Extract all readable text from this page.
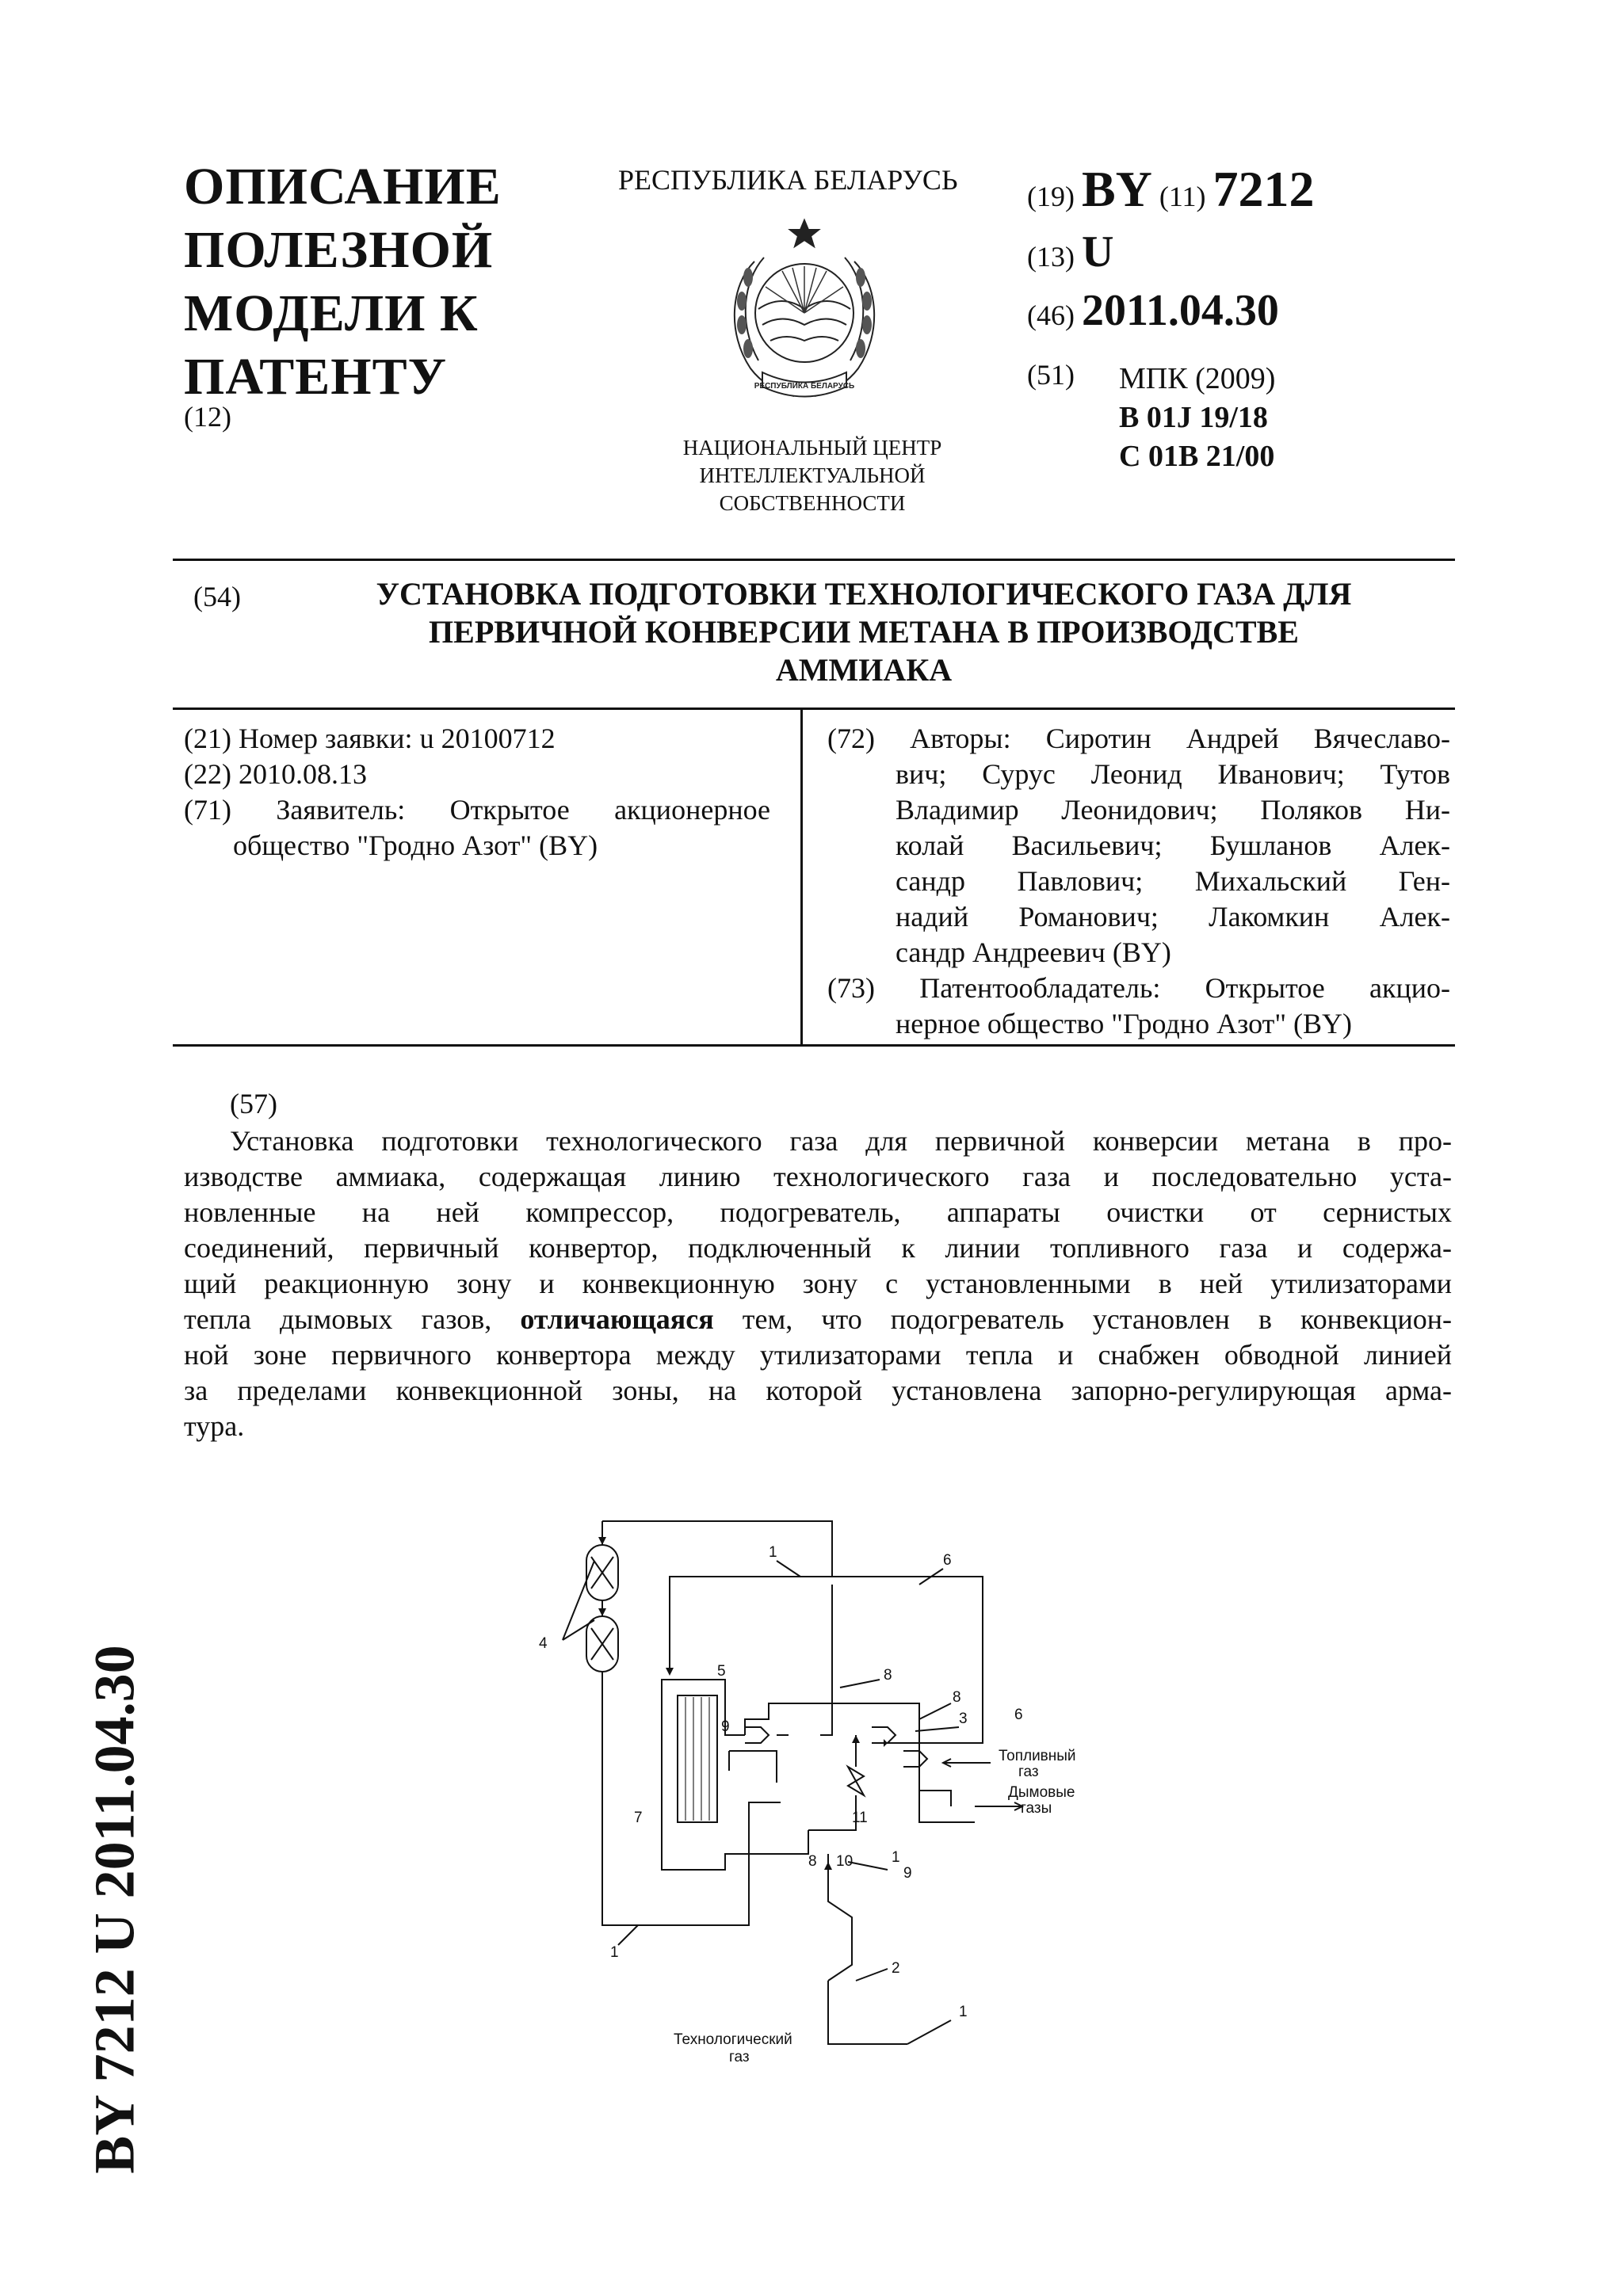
ОПИСАНИЕ
ПОЛЕЗНОЙ
МОДЕЛИ К
ПАТЕНТУ
(12)
РЕСПУБЛИКА БЕЛАРУСЬ
РЕСПУБЛИКА БЕЛАРУСЬ
НАЦИОНАЛЬНЫЙ ЦЕНТР
ИНТЕЛЛЕКТУАЛЬНОЙ
СОБСТВЕННОСТИ
(19) BY (11) 7212
(13) U
(46) 2011.04.30
(51) МПК (2009)
B 01J 19/18
C 01B 21/00
(54)	УСТАНОВКА ПОДГОТОВКИ ТЕХНОЛОГИЧЕСКОГО ГАЗА ДЛЯ
ПЕРВИЧНОЙ КОНВЕРСИИ МЕТАНА В ПРОИЗВОДСТВЕ
АММИАКА
(21) Номер заявки: u 20100712
(22) 2010.08.13
(71) Заявитель: Открытое акционерное
общество "Гродно Азот" (BY)
(72) Авторы: Сиротин Андрей Вячеславо-
вич; Сурус Леонид Иванович; Тутов
Владимир Леонидович; Поляков Ни-
колай Васильевич; Бушланов Алек-
сандр Павлович; Михальский Ген-
надий Романович; Лакомкин Алек-
сандр Андреевич (BY)
(73) Патентообладатель: Открытое акцио-
нерное общество "Гродно Азот" (BY)
(57)
Установка подготовки технологического газа для первичной конверсии метана в про-
изводстве аммиака, содержащая линию технологического газа и последовательно уста-
новленные на ней компрессор, подогреватель, аппараты очистки от сернистых
соединений, первичный конвертор, подключенный к линии топливного газа и содержа-
щий реакционную зону и конвекционную зону с установленными в ней утилизаторами
тепла дымовых газов, отличающаяся тем, что подогреватель установлен в конвекцион-
ной зоне первичного конвертора между утилизаторами тепла и снабжен обводной линией
за пределами конвекционной зоны, на которой установлена запорно-регулирующая арма-
тура.
BY 7212 U 2011.04.30
1	6
4
5	8
8
3	6
9
7	11
8 10	1
9
1
2
1
Топливный
газ
Дымовые
газы
Технологический
газ
